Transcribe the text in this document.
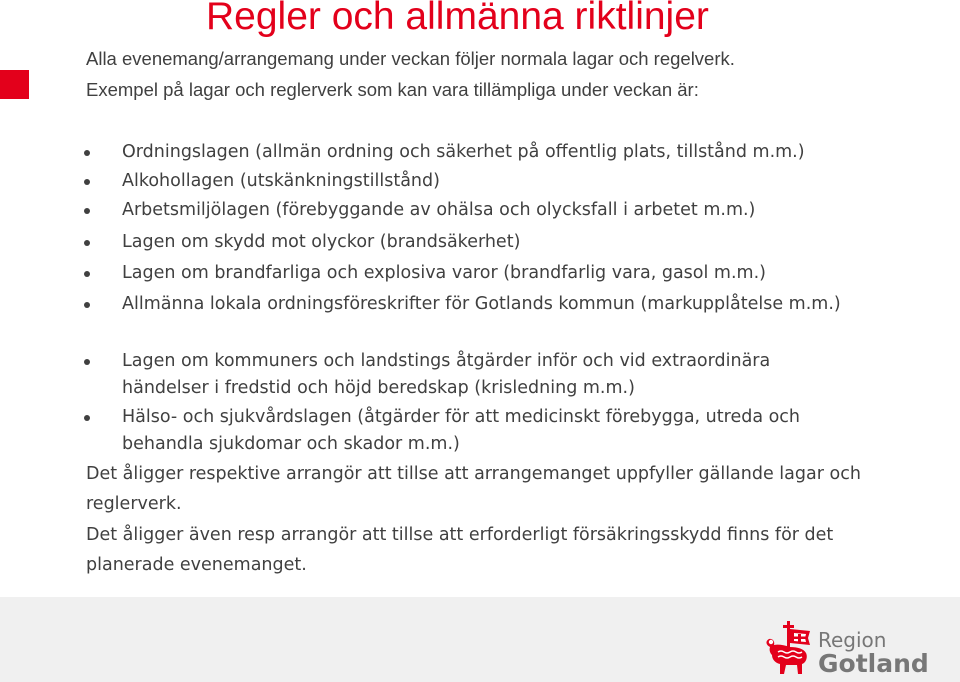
Regler och allmänna riktlinjer
Alla evenemang/arrangemang under veckan följer normala lagar och regelverk.
Exempel på lagar och reglerverk som kan vara tillämpliga under veckan är:
Ordningslagen (allmän ordning och säkerhet på offentlig plats, tillstånd m.m.)
Alkohollagen (utskänkningstillstånd)
Arbetsmiljölagen (förebyggande av ohälsa och olycksfall i arbetet m.m.)
Lagen om skydd mot olyckor (brandsäkerhet)
Lagen om brandfarliga och explosiva varor (brandfarlig vara, gasol m.m.)
Allmänna lokala ordningsföreskrifter för Gotlands kommun (markupplåtelse m.m.)
Lagen om kommuners och landstings åtgärder inför och vid extraordinära händelser i fredstid och höjd beredskap (krisledning m.m.)
Hälso- och sjukvårdslagen (åtgärder för att medicinskt förebygga, utreda och behandla sjukdomar och skador m.m.)
Det åligger respektive arrangör att tillse att arrangemanget uppfyller gällande lagar och reglerverk.
Det åligger även resp arrangör att tillse att erforderligt försäkringsskydd finns för det planerade evenemanget.
Region
Gotland
